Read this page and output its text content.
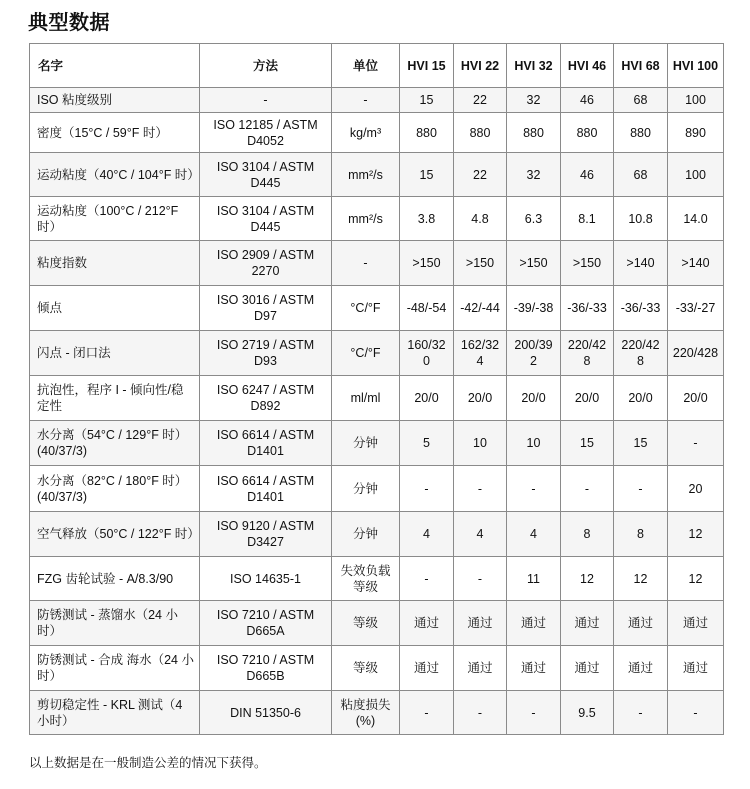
典型数据
名字	方法	单位	HVI 15	HVI 22	HVI 32	HVI 46	HVI 68	HVI 100
ISO 粘度级别	-	-	15	22	32	46	68	100
密度（15°C / 59°F 时）	ISO 12185 / ASTM D4052	kg/m³	880	880	880	880	880	890
运动粘度（40°C / 104°F 时）	ISO 3104 / ASTM D445	mm²/s	15	22	32	46	68	100
运动粘度（100°C / 212°F 时）	ISO 3104 / ASTM D445	mm²/s	3.8	4.8	6.3	8.1	10.8	14.0
粘度指数	ISO 2909 / ASTM 2270	-	>150	>150	>150	>150	>140	>140
倾点	ISO 3016 / ASTM D97	°C/°F	-48/-54	-42/-44	-39/-38	-36/-33	-36/-33	-33/-27
闪点 - 闭口法	ISO 2719 / ASTM D93	°C/°F	160/320	162/324	200/392	220/428	220/428	220/428
抗泡性，程序 I - 倾向性/稳定性	ISO 6247 / ASTM D892	ml/ml	20/0	20/0	20/0	20/0	20/0	20/0
水分离（54°C / 129°F 时）(40/37/3)	ISO 6614 / ASTM D1401	分钟	5	10	10	15	15	-
水分离（82°C / 180°F 时）(40/37/3)	ISO 6614 / ASTM D1401	分钟	-	-	-	-	-	20
空气释放（50°C / 122°F 时）	ISO 9120 / ASTM D3427	分钟	4	4	4	8	8	12
FZG 齿轮试验 - A/8.3/90	ISO 14635-1	失效负载等级	-	-	11	12	12	12
防锈测试 - 蒸馏水（24 小时）	ISO 7210 / ASTM D665A	等级	通过	通过	通过	通过	通过	通过
防锈测试 - 合成 海水（24 小时）	ISO 7210 / ASTM D665B	等级	通过	通过	通过	通过	通过	通过
剪切稳定性 - KRL 测试（4 小时）	DIN 51350-6	粘度损失 (%)	-	-	-	9.5	-	-
以上数据是在一般制造公差的情况下获得。
